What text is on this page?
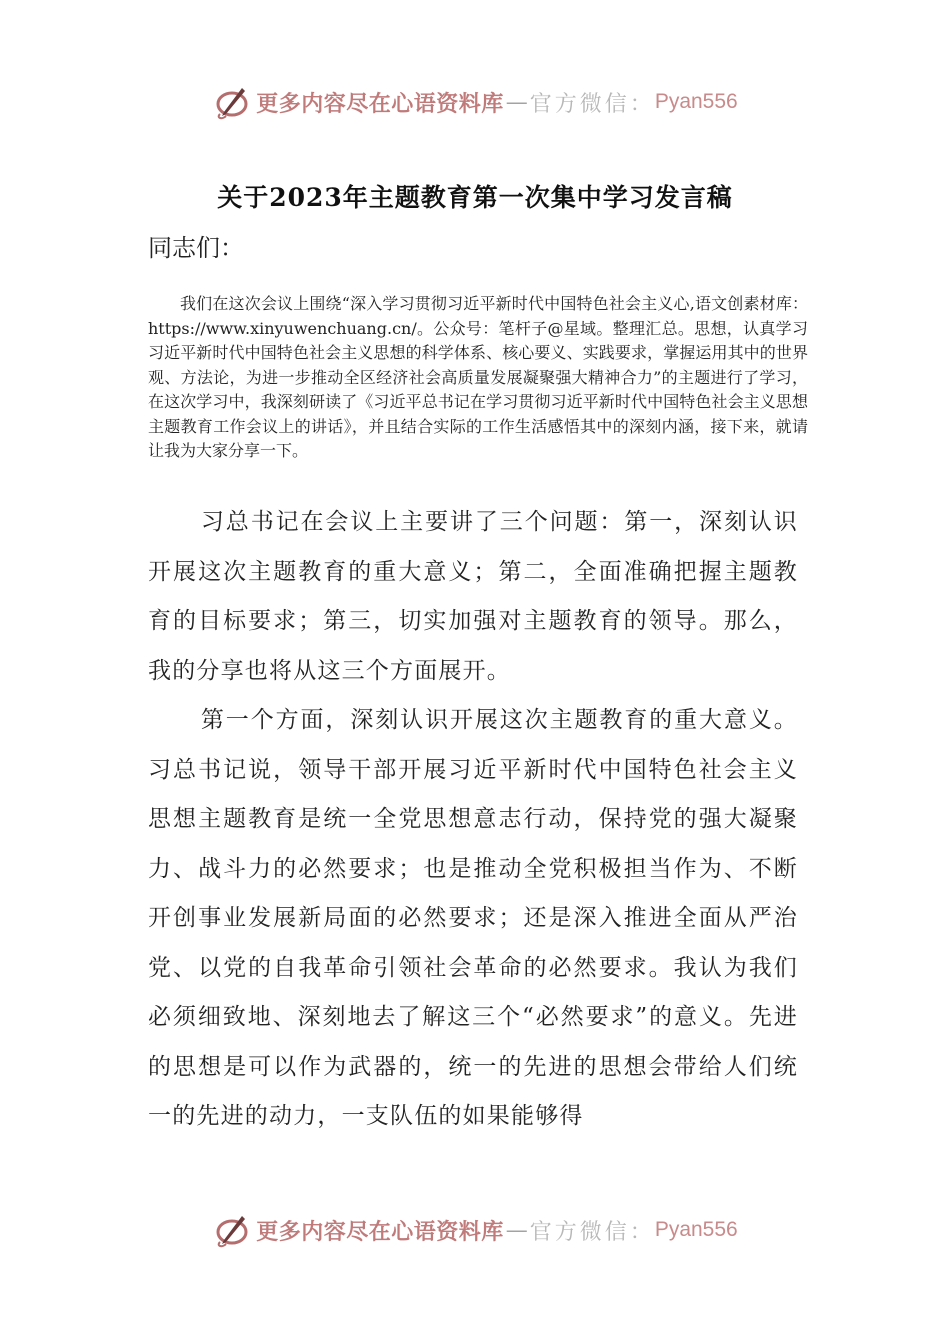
更多内容尽在心语资料库 — 官方微信： Pyan556
关于2023年主题教育第一次集中学习发言稿
同志们：

我们在这次会议上围绕“深入学习贯彻习近平新时代中国特色社会主义心,语文创素材库：https://www.xinyuwenchuang.cn/。公众号：笔杆子@星域。整理汇总。思想，认真学习习近平新时代中国特色社会主义思想的科学体系、核心要义、实践要求，掌握运用其中的世界观、方法论，为进一步推动全区经济社会高质量发展凝聚强大精神合力”的主题进行了学习，在这次学习中，我深刻研读了《习近平总书记在学习贯彻习近平新时代中国特色社会主义思想主题教育工作会议上的讲话》，并且结合实际的工作生活感悟其中的深刻内涵，接下来，就请让我为大家分享一下。

习总书记在会议上主要讲了三个问题：第一，深刻认识开展这次主题教育的重大意义；第二，全面准确把握主题教育的目标要求；第三，切实加强对主题教育的领导。那么，我的分享也将从这三个方面展开。

第一个方面，深刻认识开展这次主题教育的重大意义。习总书记说，领导干部开展习近平新时代中国特色社会主义思想主题教育是统一全党思想意志行动，保持党的强大凝聚力、战斗力的必然要求；也是推动全党积极担当作为、不断开创事业发展新局面的必然要求；还是深入推进全面从严治党、以党的自我革命引领社会革命的必然要求。我认为我们必须细致地、深刻地去了解这三个“必然要求”的意义。先进的思想是可以作为武器的，统一的先进的思想会带给人们统一的先进的动力，一支队伍的如果能够得

更多内容尽在心语资料库 — 官方微信： Pyan556
